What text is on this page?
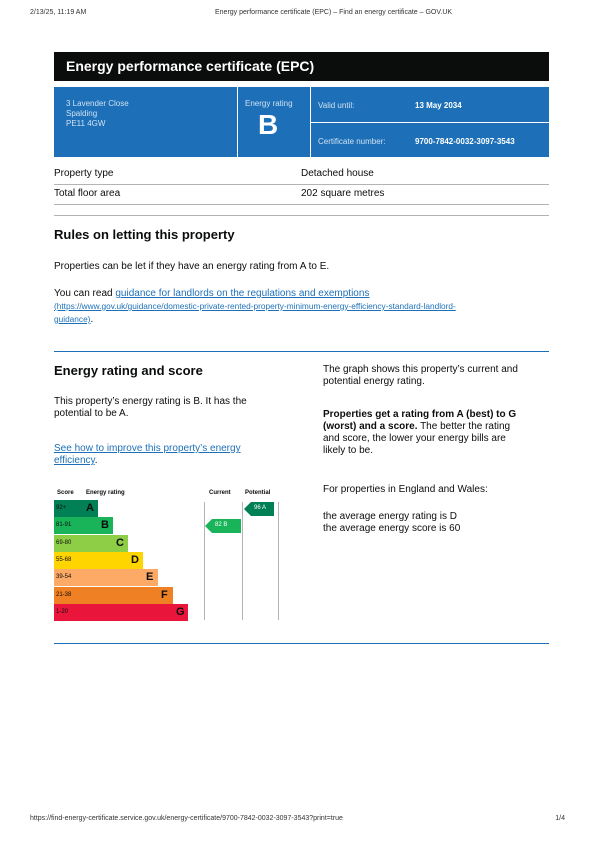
2/13/25, 11:19 AM	Energy performance certificate (EPC) – Find an energy certificate – GOV.UK
Energy performance certificate (EPC)
3 Lavender Close
Spalding
PE11 4GW
Energy rating
B
Valid until:	13 May 2034
Certificate number:	9700-7842-0032-3097-3543
Property type	Detached house
Total floor area	202 square metres
Rules on letting this property
Properties can be let if they have an energy rating from A to E.
You can read guidance for landlords on the regulations and exemptions
(https://www.gov.uk/guidance/domestic-private-rented-property-minimum-energy-efficiency-standard-landlord-
guidance).
Energy rating and score
This property’s energy rating is B. It has the
potential to be A.
See how to improve this property’s energy
efficiency.
The graph shows this property’s current and
potential energy rating.
Properties get a rating from A (best) to G
(worst) and a score. The better the rating
and score, the lower your energy bills are
likely to be.
For properties in England and Wales:
the average energy rating is D
the average energy score is 60
Score Energy rating	Current Potential
92+ A
81-91	B
69-80	C
55-68	D
39-54	E
21-38	F
1-20	G
82 B
96 A
https://find-energy-certificate.service.gov.uk/energy-certificate/9700-7842-0032-3097-3543?print=true	1/4
